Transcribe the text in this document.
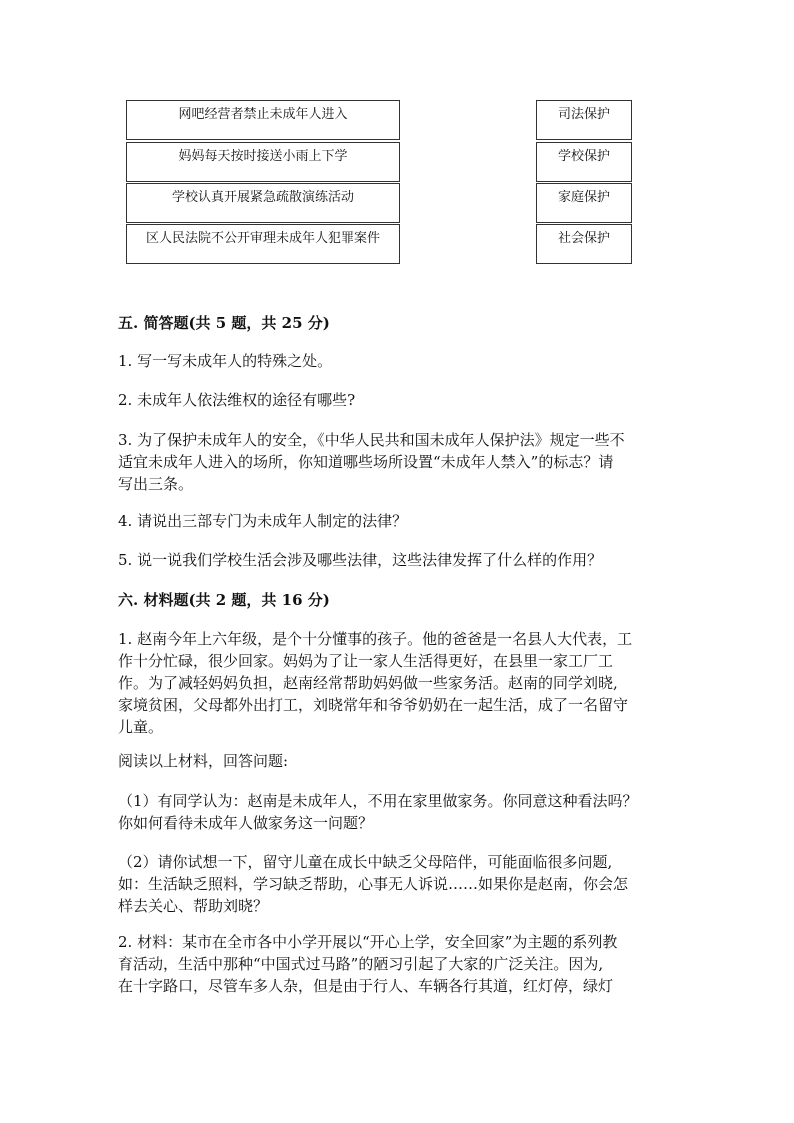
网吧经营者禁止未成年人进入
妈妈每天按时接送小雨上下学
学校认真开展紧急疏散演练活动
区人民法院不公开审理未成年人犯罪案件
司法保护
学校保护
家庭保护
社会保护
五. 简答题(共 5 题，共 25 分)
1. 写一写未成年人的特殊之处。
2. 未成年人依法维权的途径有哪些?
3. 为了保护未成年人的安全，《中华人民共和国未成年人保护法》规定一些不
适宜未成年人进入的场所，你知道哪些场所设置“未成年人禁入”的标志？请
写出三条。
4. 请说出三部专门为未成年人制定的法律？
5. 说一说我们学校生活会涉及哪些法律，这些法律发挥了什么样的作用？
六. 材料题(共 2 题，共 16 分)
1. 赵南今年上六年级，是个十分懂事的孩子。他的爸爸是一名县人大代表，工
作十分忙碌，很少回家。妈妈为了让一家人生活得更好，在县里一家工厂工
作。为了减轻妈妈负担，赵南经常帮助妈妈做一些家务活。赵南的同学刘晓,
家境贫困，父母都外出打工，刘晓常年和爷爷奶奶在一起生活，成了一名留守
儿童。
阅读以上材料，回答问题:
（1）有同学认为：赵南是未成年人，不用在家里做家务。你同意这种看法吗？
你如何看待未成年人做家务这一问题？
（2）请你试想一下，留守儿童在成长中缺乏父母陪伴，可能面临很多问题,
如：生活缺乏照料，学习缺乏帮助，心事无人诉说……如果你是赵南，你会怎
样去关心、帮助刘晓？
2. 材料：某市在全市各中小学开展以“开心上学，安全回家”为主题的系列教
育活动，生活中那种“中国式过马路”的陋习引起了大家的广泛关注。因为,
在十字路口，尽管车多人杂，但是由于行人、车辆各行其道，红灯停，绿灯
